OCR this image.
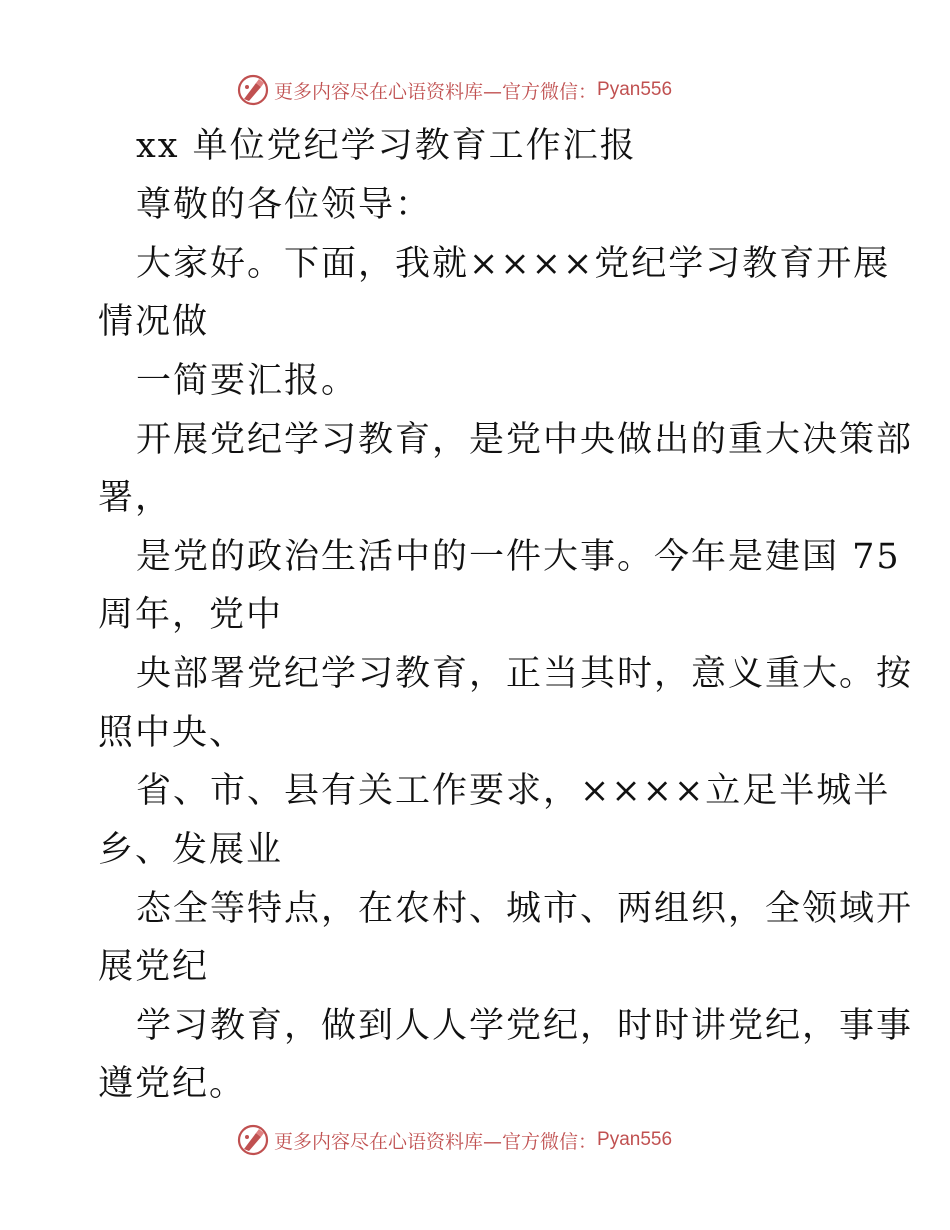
更多内容尽在心语资料库—官方微信： Pyan556
xx 单位党纪学习教育工作汇报
尊敬的各位领导：
大家好。下面，我就××××党纪学习教育开展
情况做
一简要汇报。
开展党纪学习教育，是党中央做出的重大决策部
署，
是党的政治生活中的一件大事。今年是建国 75
周年，党中
央部署党纪学习教育，正当其时，意义重大。按
照中央、
省、市、县有关工作要求，××××立足半城半
乡、发展业
态全等特点，在农村、城市、两组织，全领域开
展党纪
学习教育，做到人人学党纪，时时讲党纪，事事
遵党纪。
更多内容尽在心语资料库—官方微信： Pyan556
